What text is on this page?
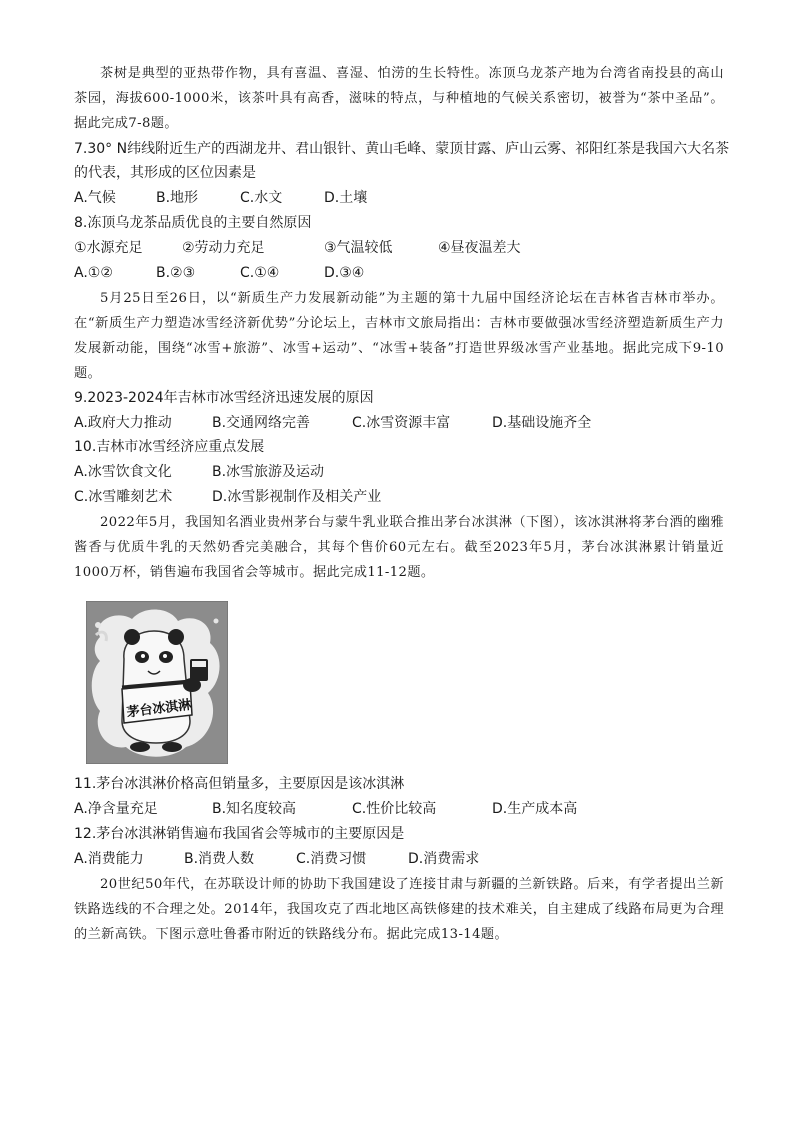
茶树是典型的亚热带作物，具有喜温、喜湿、怕涝的生长特性。冻顶乌龙茶产地为台湾省南投县的高山茶园，海拔600-1000米，该茶叶具有高香，滋味的特点，与种植地的气候关系密切，被誉为“茶中圣品”。据此完成7-8题。
7.30° N纬线附近生产的西湖龙井、君山银针、黄山毛峰、蒙顶甘露、庐山云雾、祁阳红茶是我国六大名茶的代表，其形成的区位因素是
A.气候	B.地形	C.水文	D.土壤
8.冻顶乌龙茶品质优良的主要自然原因
①水源充足	②劳动力充足	③气温较低	④昼夜温差大
A.①②	B.②③	C.①④	D.③④
5月25日至26日，以“新质生产力发展新动能”为主题的第十九届中国经济论坛在吉林省吉林市举办。在“新质生产力塑造冰雪经济新优势”分论坛上，吉林市文旅局指出：吉林市要做强冰雪经济塑造新质生产力发展新动能，围绕“冰雪+旅游”、冰雪+运动”、“冰雪+装备”打造世界级冰雪产业基地。据此完成下9-10题。
9.2023-2024年吉林市冰雪经济迅速发展的原因
A.政府大力推动	B.交通网络完善	C.冰雪资源丰富	D.基础设施齐全
10.吉林市冰雪经济应重点发展
A.冰雪饮食文化	B.冰雪旅游及运动
C.冰雪雕刻艺术	D.冰雪影视制作及相关产业
2022年5月，我国知名酒业贵州茅台与蒙牛乳业联合推出茅台冰淇淋（下图），该冰淇淋将茅台酒的幽雅酱香与优质牛乳的天然奶香完美融合，其每个售价60元左右。截至2023年5月，茅台冰淇淋累计销量近1000万杯，销售遍布我国省会等城市。据此完成11-12题。
茅台冰淇淋
11.茅台冰淇淋价格高但销量多，主要原因是该冰淇淋
A.净含量充足	B.知名度较高	C.性价比较高	D.生产成本高
12.茅台冰淇淋销售遍布我国省会等城市的主要原因是
A.消费能力	B.消费人数	C.消费习惯	D.消费需求
20世纪50年代，在苏联设计师的协助下我国建设了连接甘肃与新疆的兰新铁路。后来，有学者提出兰新铁路选线的不合理之处。2014年，我国攻克了西北地区高铁修建的技术难关，自主建成了线路布局更为合理的兰新高铁。下图示意吐鲁番市附近的铁路线分布。据此完成13-14题。
